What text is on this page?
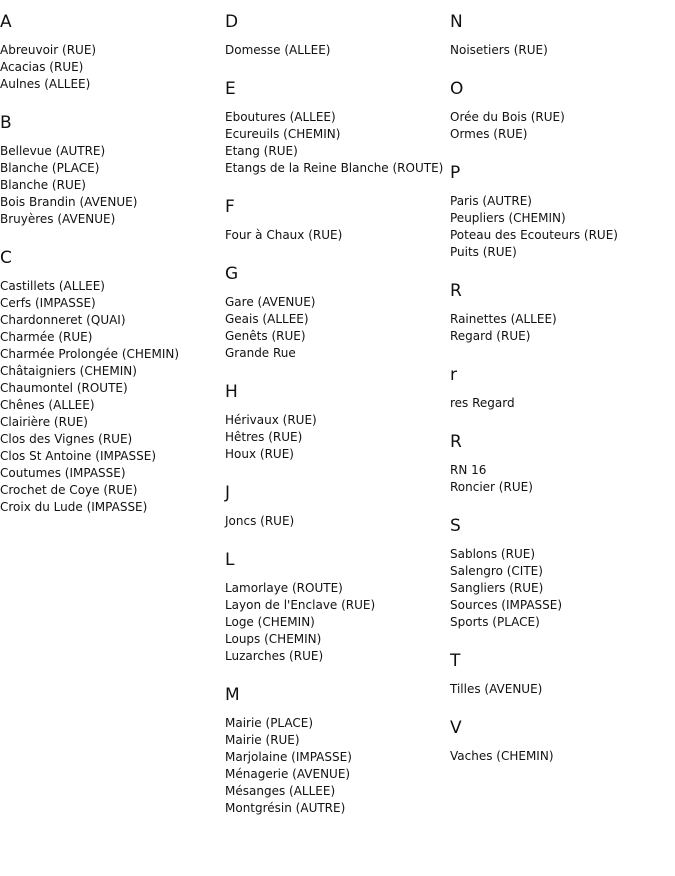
A
Abreuvoir (RUE)
Acacias (RUE)
Aulnes (ALLEE)
B
Bellevue (AUTRE)
Blanche (PLACE)
Blanche (RUE)
Bois Brandin (AVENUE)
Bruyères (AVENUE)
C
Castillets (ALLEE)
Cerfs (IMPASSE)
Chardonneret (QUAI)
Charmée (RUE)
Charmée Prolongée (CHEMIN)
Châtaigniers (CHEMIN)
Chaumontel (ROUTE)
Chênes (ALLEE)
Clairière (RUE)
Clos des Vignes (RUE)
Clos St Antoine (IMPASSE)
Coutumes (IMPASSE)
Crochet de Coye (RUE)
Croix du Lude (IMPASSE)
D
Domesse (ALLEE)
E
Eboutures (ALLEE)
Ecureuils (CHEMIN)
Etang (RUE)
Etangs de la Reine Blanche (ROUTE)
F
Four à Chaux (RUE)
G
Gare (AVENUE)
Geais (ALLEE)
Genêts (RUE)
Grande Rue
H
Hérivaux (RUE)
Hêtres (RUE)
Houx (RUE)
J
Joncs (RUE)
L
Lamorlaye (ROUTE)
Layon de l'Enclave (RUE)
Loge (CHEMIN)
Loups (CHEMIN)
Luzarches (RUE)
M
Mairie (PLACE)
Mairie (RUE)
Marjolaine (IMPASSE)
Ménagerie (AVENUE)
Mésanges (ALLEE)
Montgrésin (AUTRE)
N
Noisetiers (RUE)
O
Orée du Bois (RUE)
Ormes (RUE)
P
Paris (AUTRE)
Peupliers (CHEMIN)
Poteau des Ecouteurs (RUE)
Puits (RUE)
R
Rainettes (ALLEE)
Regard (RUE)
r
res Regard
R
RN 16
Roncier (RUE)
S
Sablons (RUE)
Salengro (CITE)
Sangliers (RUE)
Sources (IMPASSE)
Sports (PLACE)
T
Tilles (AVENUE)
V
Vaches (CHEMIN)
